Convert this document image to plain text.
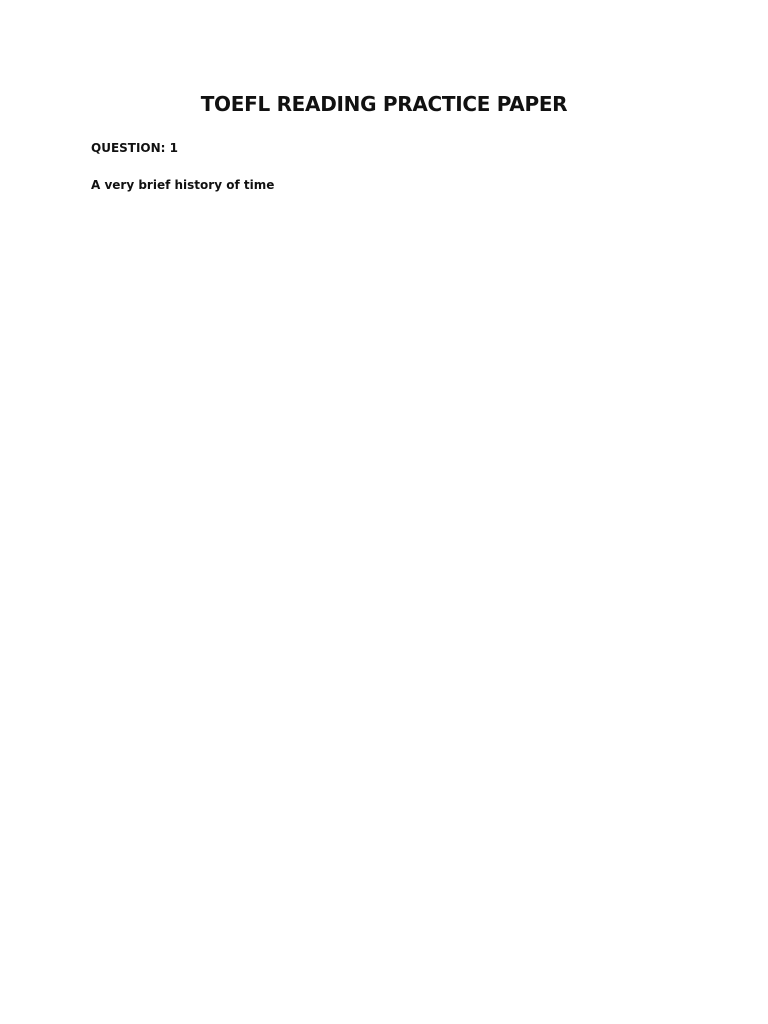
TOEFL READING PRACTICE PAPER

QUESTION: 1

A very brief history of time
